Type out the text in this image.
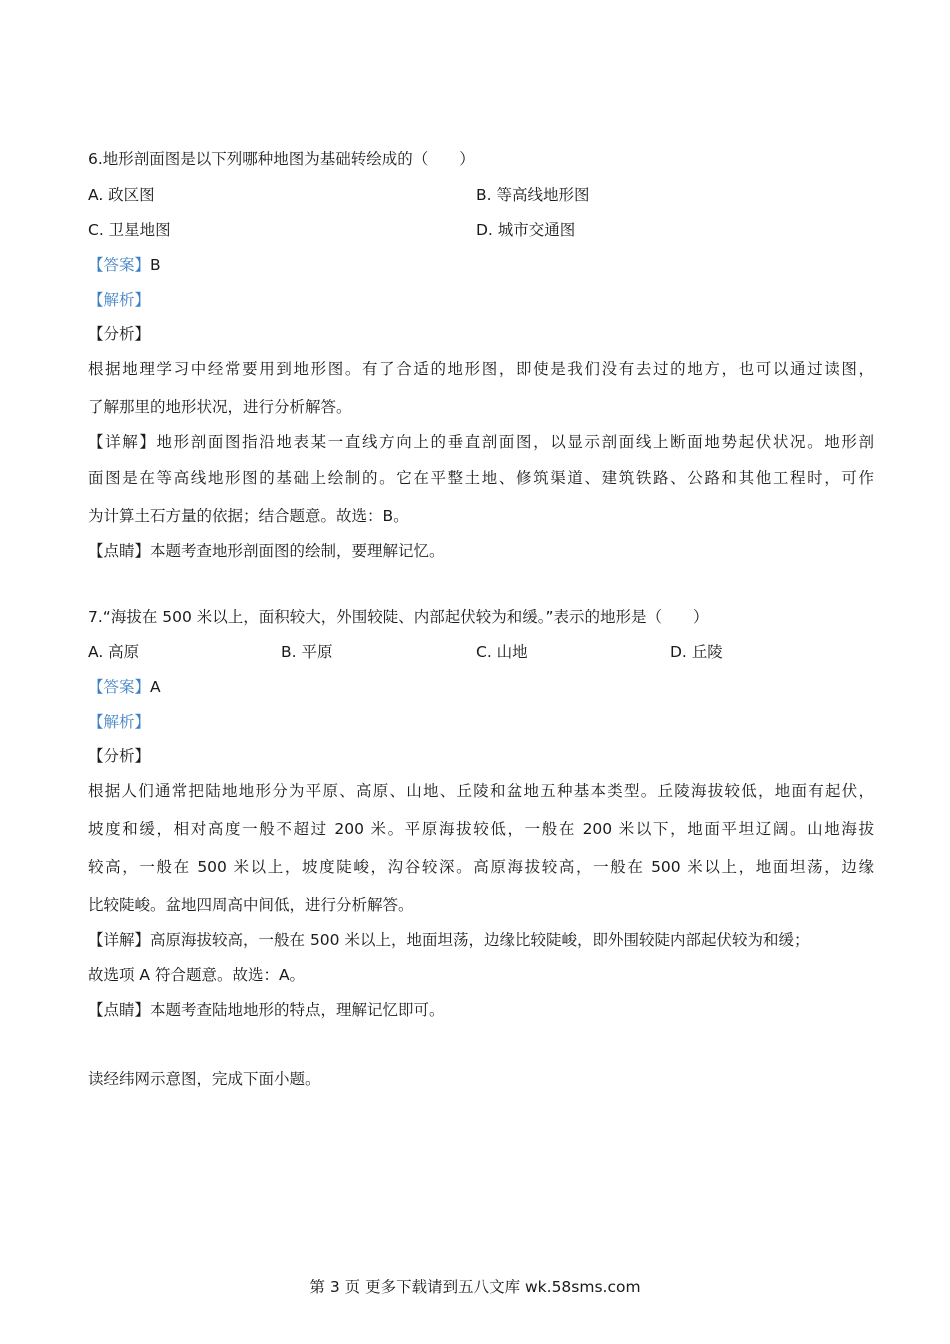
6.地形剖面图是以下列哪种地图为基础转绘成的（　　）
A. 政区图	B. 等高线地形图
C. 卫星地图	D. 城市交通图
【答案】B
【解析】
【分析】
根据地理学习中经常要用到地形图。有了合适的地形图，即使是我们没有去过的地方，也可以通过读图，
了解那里的地形状况，进行分析解答。
【详解】地形剖面图指沿地表某一直线方向上的垂直剖面图，以显示剖面线上断面地势起伏状况。地形剖
面图是在等高线地形图的基础上绘制的。它在平整土地、修筑渠道、建筑铁路、公路和其他工程时，可作
为计算土石方量的依据；结合题意。故选：B。
【点睛】本题考查地形剖面图的绘制，要理解记忆。
7.“海拔在 500 米以上，面积较大，外围较陡、内部起伏较为和缓。”表示的地形是（　　）
A. 高原	B. 平原	C. 山地	D. 丘陵
【答案】A
【解析】
【分析】
根据人们通常把陆地地形分为平原、高原、山地、丘陵和盆地五种基本类型。丘陵海拔较低，地面有起伏，
坡度和缓，相对高度一般不超过 200 米。平原海拔较低，一般在 200 米以下，地面平坦辽阔。山地海拔
较高，一般在 500 米以上，坡度陡峻，沟谷较深。高原海拔较高，一般在 500 米以上，地面坦荡，边缘
比较陡峻。盆地四周高中间低，进行分析解答。
【详解】高原海拔较高，一般在 500 米以上，地面坦荡，边缘比较陡峻，即外围较陡内部起伏较为和缓；
故选项 A 符合题意。故选：A。
【点睛】本题考查陆地地形的特点，理解记忆即可。
读经纬网示意图，完成下面小题。
第 3 页 更多下载请到五八文库 wk.58sms.com
